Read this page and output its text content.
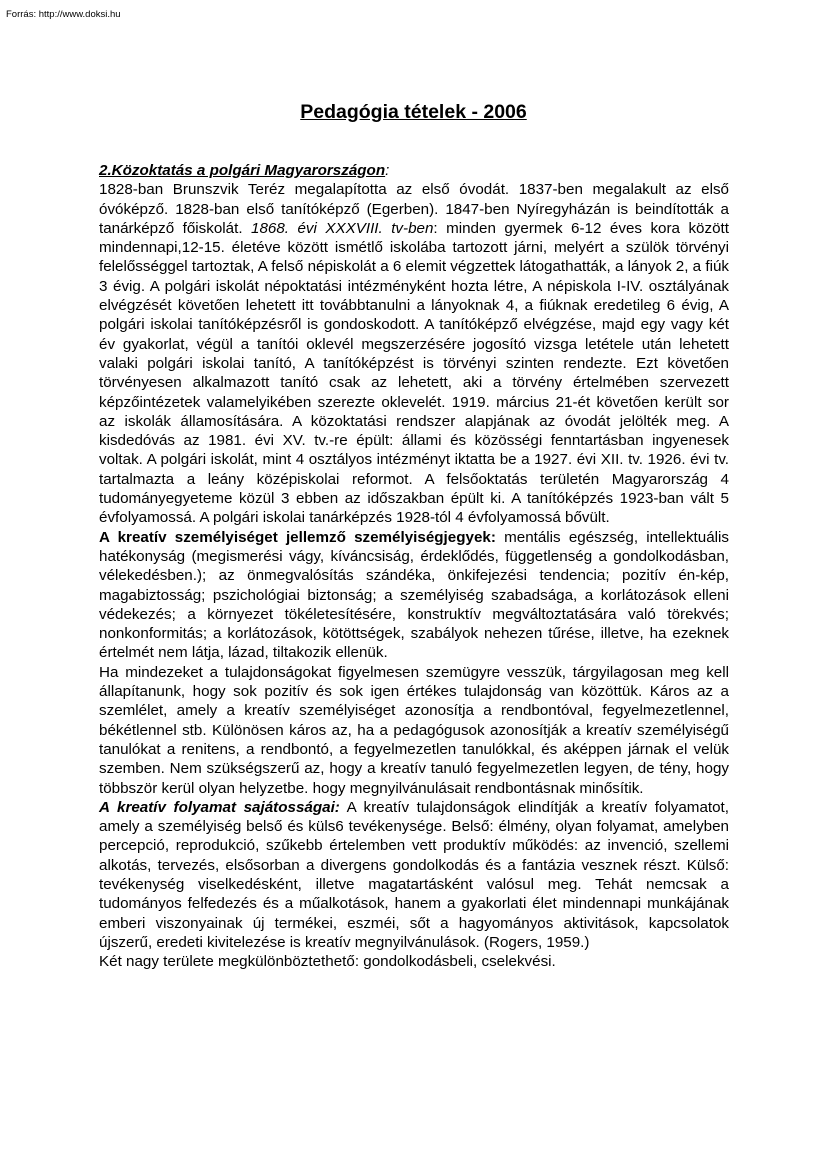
Forrás: http://www.doksi.hu
Pedagógia tételek - 2006

2.Közoktatás a polgári Magyarországon:

1828-ban Brunszvik Teréz megalapította az első óvodát. 1837-ben megalakult az első óvóképző. 1828-ban első tanítóképző (Egerben). 1847-ben Nyíregyházán is beindították a tanárképző főiskolát. 1868. évi XXXVIII. tv-ben: minden gyermek 6-12 éves kora között mindennapi,12-15. életéve között ismétlő iskolába tartozott járni, melyért a szülök törvényi felelősséggel tartoztak, A felső népiskolát a 6 elemit végzettek látogathatták, a lányok 2, a fiúk 3 évig. A polgári iskolát népoktatási intézményként hozta létre, A népiskola I-IV. osztályának elvégzését követően lehetett itt továbbtanulni a lányoknak 4, a fiúknak eredetileg 6 évig, A polgári iskolai tanítóképzésről is gondoskodott. A tanítóképző elvégzése, majd egy vagy két év gyakorlat, végül a tanítói oklevél megszerzésére jogosító vizsga letétele után lehetett valaki polgári iskolai tanító, A tanítóképzést is törvényi szinten rendezte. Ezt követően törvényesen alkalmazott tanító csak az lehetett, aki a törvény értelmében szervezett képzőintézetek valamelyikében szerezte oklevelét. 1919. március 21-ét követően került sor az iskolák államosítására. A közoktatási rendszer alapjának az óvodát jelölték meg. A kisdedóvás az 1981. évi XV. tv.-re épült: állami és közösségi fenntartásban ingyenesek voltak. A polgári iskolát, mint 4 osztályos intézményt iktatta be a 1927. évi XII. tv. 1926. évi tv. tartalmazta a leány középiskolai reformot. A felsőoktatás területén Magyarország 4 tudományegyeteme közül 3 ebben az időszakban épült ki. A tanítóképzés 1923-ban vált 5 évfolyamossá. A polgári iskolai tanárképzés 1928-tól 4 évfolyamossá bővült.

A kreatív személyiséget jellemző személyiségjegyek: mentális egészség, intellektuális hatékonyság (megismerési vágy, kíváncsiság, érdeklődés, függetlenség a gondolkodásban, vélekedésben.); az önmegvalósítás szándéka, önkifejezési tendencia; pozitív én-kép, magabiztosság; pszichológiai biztonság; a személyiség szabadsága, a korlátozások elleni védekezés; a környezet tökéletesítésére, konstruktív megváltoztatására való törekvés; nonkonformitás; a korlátozások, kötöttségek, szabályok nehezen tűrése, illetve, ha ezeknek értelmét nem látja, lázad, tiltakozik ellenük.

Ha mindezeket a tulajdonságokat figyelmesen szemügyre vesszük, tárgyilagosan meg kell állapítanunk, hogy sok pozitív és sok igen értékes tulajdonság van közöttük. Káros az a szemlélet, amely a kreatív személyiséget azonosítja a rendbontóval, fegyelmezetlennel, békétlennel stb. Különösen káros az, ha a pedagógusok azonosítják a kreatív személyiségű tanulókat a renitens, a rendbontó, a fegyelmezetlen tanulókkal, és aképpen járnak el velük szemben. Nem szükségszerű az, hogy a kreatív tanuló fegyelmezetlen legyen, de tény, hogy többször kerül olyan helyzetbe. hogy megnyilvánulásait rendbontásnak minősítik.

A kreatív folyamat sajátosságai: A kreatív tulajdonságok elindítják a kreatív folyamatot, amely a személyiség belső és küls6 tevékenysége. Belső: élmény, olyan folyamat, amelyben percepció, reprodukció, szűkebb értelemben vett produktív működés: az invenció, szellemi alkotás, tervezés, elsősorban a divergens gondolkodás és a fantázia vesznek részt. Külső: tevékenység viselkedésként, illetve magatartásként valósul meg. Tehát nemcsak a tudományos felfedezés és a műalkotások, hanem a gyakorlati élet mindennapi munkájának emberi viszonyainak új termékei, eszméi, sőt a hagyományos aktivitások, kapcsolatok újszerű, eredeti kivitelezése is kreatív megnyilvánulások. (Rogers, 1959.)

Két nagy területe megkülönböztethető: gondolkodásbeli, cselekvési.
